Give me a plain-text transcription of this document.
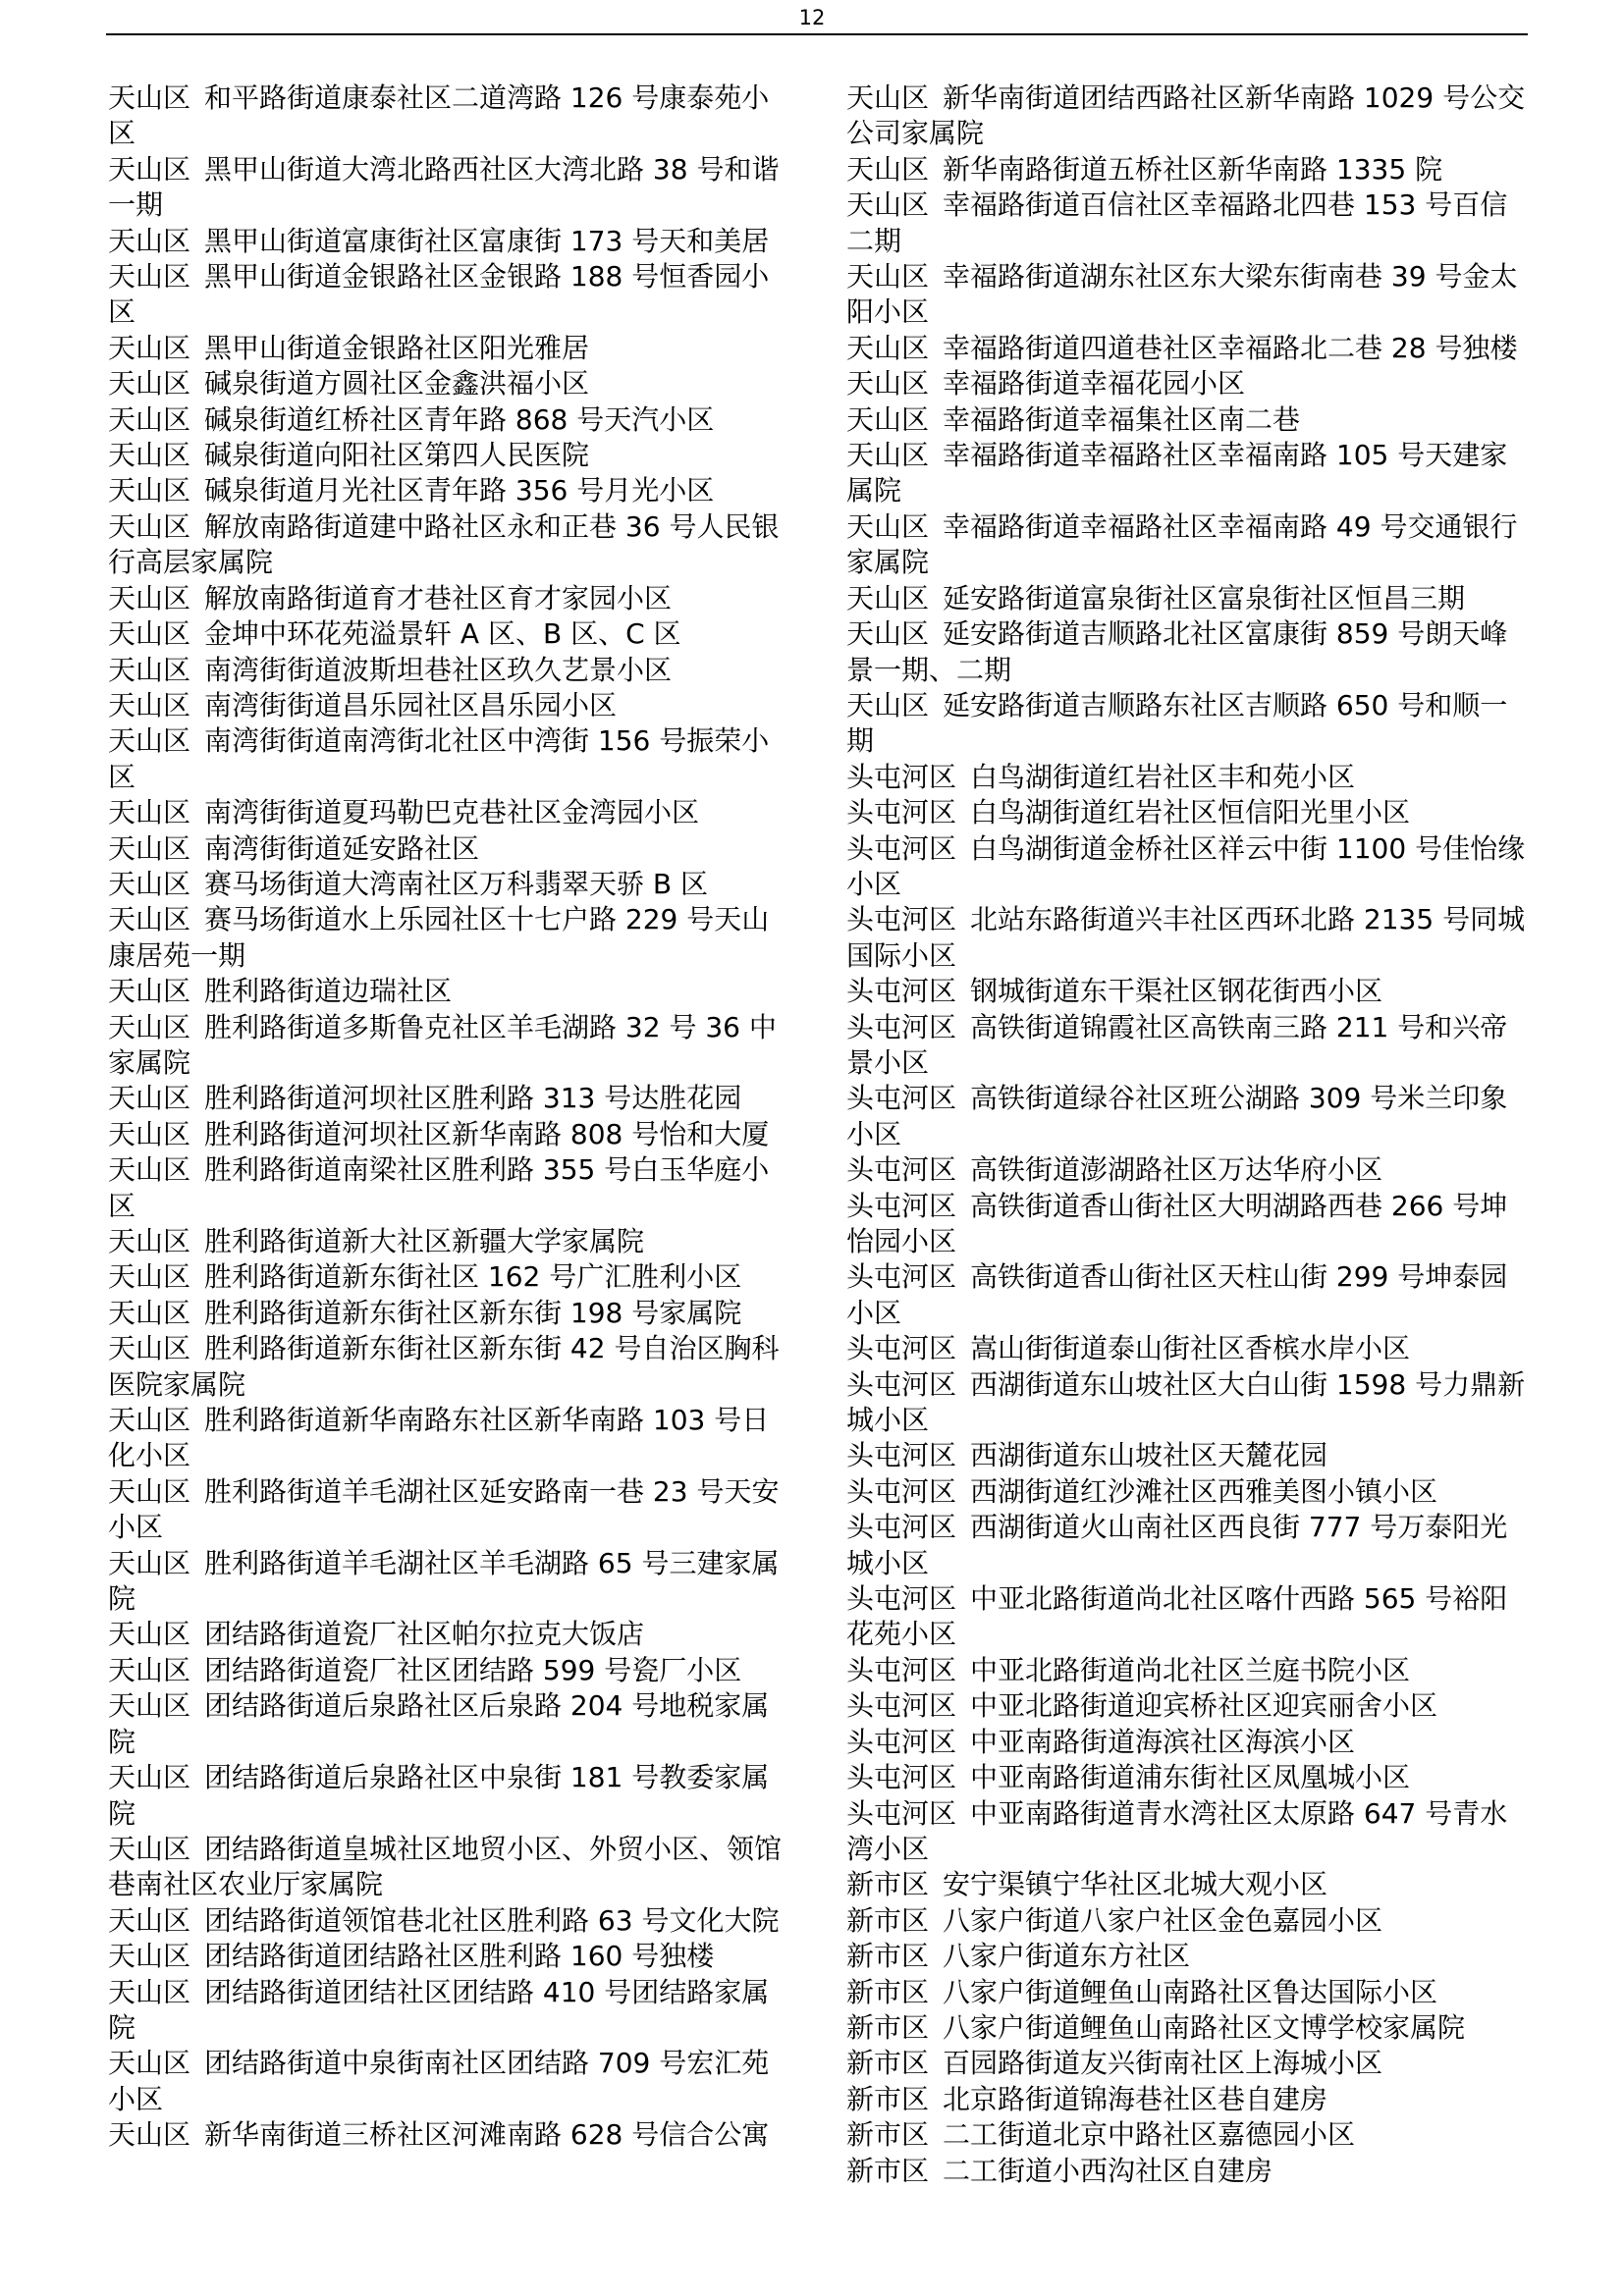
12

天山区 和平路街道康泰社区二道湾路 126 号康泰苑小区

天山区 黑甲山街道大湾北路西社区大湾北路 38 号和谐一期

天山区 黑甲山街道富康街社区富康街 173 号天和美居

天山区 黑甲山街道金银路社区金银路 188 号恒香园小区

天山区 黑甲山街道金银路社区阳光雅居

天山区 碱泉街道方圆社区金鑫洪福小区

天山区 碱泉街道红桥社区青年路 868 号天汽小区

天山区 碱泉街道向阳社区第四人民医院

天山区 碱泉街道月光社区青年路 356 号月光小区

天山区 解放南路街道建中路社区永和正巷 36 号人民银行高层家属院

天山区 解放南路街道育才巷社区育才家园小区

天山区 金坤中环花苑溢景轩 A 区、B 区、C 区

天山区 南湾街街道波斯坦巷社区玖久艺景小区

天山区 南湾街街道昌乐园社区昌乐园小区

天山区 南湾街街道南湾街北社区中湾街 156 号振荣小区

天山区 南湾街街道夏玛勒巴克巷社区金湾园小区

天山区 南湾街街道延安路社区

天山区 赛马场街道大湾南社区万科翡翠天骄 B 区

天山区 赛马场街道水上乐园社区十七户路 229 号天山康居苑一期

天山区 胜利路街道边瑞社区

天山区 胜利路街道多斯鲁克社区羊毛湖路 32 号 36 中家属院

天山区 胜利路街道河坝社区胜利路 313 号达胜花园

天山区 胜利路街道河坝社区新华南路 808 号怡和大厦

天山区 胜利路街道南梁社区胜利路 355 号白玉华庭小区

天山区 胜利路街道新大社区新疆大学家属院

天山区 胜利路街道新东街社区 162 号广汇胜利小区

天山区 胜利路街道新东街社区新东街 198 号家属院

天山区 胜利路街道新东街社区新东街 42 号自治区胸科医院家属院

天山区 胜利路街道新华南路东社区新华南路 103 号日化小区

天山区 胜利路街道羊毛湖社区延安路南一巷 23 号天安小区

天山区 胜利路街道羊毛湖社区羊毛湖路 65 号三建家属院

天山区 团结路街道瓷厂社区帕尔拉克大饭店

天山区 团结路街道瓷厂社区团结路 599 号瓷厂小区

天山区 团结路街道后泉路社区后泉路 204 号地税家属院

天山区 团结路街道后泉路社区中泉街 181 号教委家属院

天山区 团结路街道皇城社区地贸小区、外贸小区、领馆巷南社区农业厅家属院

天山区 团结路街道领馆巷北社区胜利路 63 号文化大院

天山区 团结路街道团结路社区胜利路 160 号独楼

天山区 团结路街道团结社区团结路 410 号团结路家属院

天山区 团结路街道中泉街南社区团结路 709 号宏汇苑小区

天山区 新华南街道三桥社区河滩南路 628 号信合公寓

天山区 新华南街道团结西路社区新华南路 1029 号公交公司家属院

天山区 新华南路街道五桥社区新华南路 1335 院

天山区 幸福路街道百信社区幸福路北四巷 153 号百信二期

天山区 幸福路街道湖东社区东大梁东街南巷 39 号金太阳小区

天山区 幸福路街道四道巷社区幸福路北二巷 28 号独楼

天山区 幸福路街道幸福花园小区

天山区 幸福路街道幸福集社区南二巷

天山区 幸福路街道幸福路社区幸福南路 105 号天建家属院

天山区 幸福路街道幸福路社区幸福南路 49 号交通银行家属院

天山区 延安路街道富泉街社区富泉街社区恒昌三期

天山区 延安路街道吉顺路北社区富康街 859 号朗天峰景一期、二期

天山区 延安路街道吉顺路东社区吉顺路 650 号和顺一期

头屯河区 白鸟湖街道红岩社区丰和苑小区

头屯河区 白鸟湖街道红岩社区恒信阳光里小区

头屯河区 白鸟湖街道金桥社区祥云中街 1100 号佳怡缘小区

头屯河区 北站东路街道兴丰社区西环北路 2135 号同城国际小区

头屯河区 钢城街道东干渠社区钢花街西小区

头屯河区 高铁街道锦霞社区高铁南三路 211 号和兴帝景小区

头屯河区 高铁街道绿谷社区班公湖路 309 号米兰印象小区

头屯河区 高铁街道澎湖路社区万达华府小区

头屯河区 高铁街道香山街社区大明湖路西巷 266 号坤怡园小区

头屯河区 高铁街道香山街社区天柱山街 299 号坤泰园小区

头屯河区 嵩山街街道泰山街社区香槟水岸小区

头屯河区 西湖街道东山坡社区大白山街 1598 号力鼎新城小区

头屯河区 西湖街道东山坡社区天麓花园

头屯河区 西湖街道红沙滩社区西雅美图小镇小区

头屯河区 西湖街道火山南社区西良街 777 号万泰阳光城小区

头屯河区 中亚北路街道尚北社区喀什西路 565 号裕阳花苑小区

头屯河区 中亚北路街道尚北社区兰庭书院小区

头屯河区 中亚北路街道迎宾桥社区迎宾丽舍小区

头屯河区 中亚南路街道海滨社区海滨小区

头屯河区 中亚南路街道浦东街社区凤凰城小区

头屯河区 中亚南路街道青水湾社区太原路 647 号青水湾小区

新市区 安宁渠镇宁华社区北城大观小区

新市区 八家户街道八家户社区金色嘉园小区

新市区 八家户街道东方社区

新市区 八家户街道鲤鱼山南路社区鲁达国际小区

新市区 八家户街道鲤鱼山南路社区文博学校家属院

新市区 百园路街道友兴街南社区上海城小区

新市区 北京路街道锦海巷社区巷自建房

新市区 二工街道北京中路社区嘉德园小区

新市区 二工街道小西沟社区自建房
